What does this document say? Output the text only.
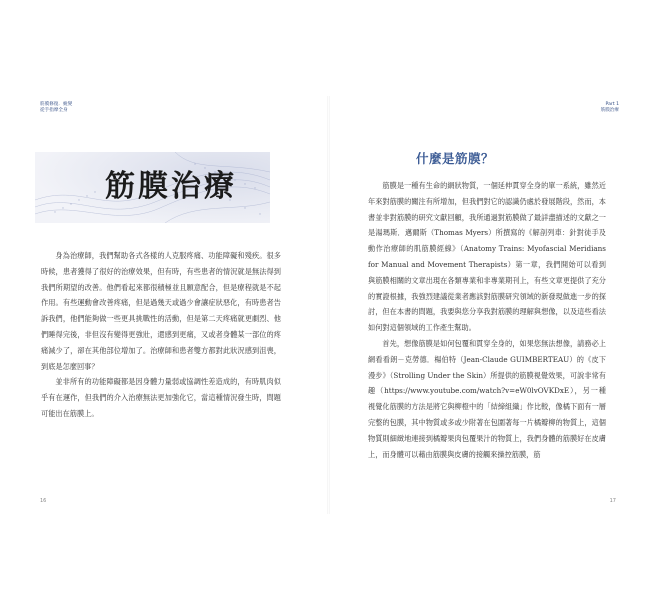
筋膜修復．蛻變
從手指摩全身
筋膜治療

身為治療師，我們幫助各式各樣的人克服疼痛、功能障礙和殘疾。很多時候，患者獲得了很好的治療效果，但有時，有些患者的情況就是無法得到我們所期望的改善。他們看起來都很積極並且願意配合，但是療程就是不起作用。有些運動會改善疼痛，但是過幾天或過少會讓症狀惡化，有時患者告訴我們，他們能夠做一些更具挑戰性的活動，但是第二天疼痛就更劇烈、他們睡得完後，非但沒有變得更強壯，還感到更痛，又或者身體某一部位的疼痛減少了，卻在其他部位增加了。治療師和患者雙方都對此狀況感到沮喪，到底是怎麼回事？

並非所有的功能障礙都是因身體力量弱或協調性差造成的，有時肌肉似乎有在運作，但我們的介入治療無法更加強化它，當這種情況發生時，問題可能出在筋膜上。

16
Part 1
筋膜治療
什麼是筋膜？

筋膜是一種有生命的網狀物質，一個延伸貫穿全身的單一系統，雖然近年來對筋膜的關注有所增加，但我們對它的認識仍處於發展階段，然而，本書並非對筋膜的研究文獻回顧，我所通過對筋膜做了最詳盡描述的文獻之一是湯瑪斯．邁爾斯（Thomas Myers）所撰寫的《解剖列車：針對徒手及動作治療師的肌筋膜經線》（Anatomy Trains: Myofascial Meridians for Manual and Movement Therapists）第一章，我們開始可以看到與筋膜相關的文章出現在各類專業和非專業期刊上，有些文章更提供了充分的實證根據，我強烈建議從業者應該對筋膜研究領域的新發現做進一步的探討，但在本書的問題，我要與您分享我對筋膜的理解與想像，以及這些看法如何對這個領域的工作產生幫助。

首先，想像筋膜是如何包覆和貫穿全身的，如果您無法想像，請務必上網看看朗－克勞德．楊伯特（Jean-Claude GUIMBERTEAU）的《皮下漫步》（Strolling Under the Skin）所提供的筋膜視覺效果，可說非常有趣（https://www.youtube.com/watch?v=eW0lvOVKDxE），另一種視覺化筋膜的方法是將它與柳橙中的「結締組織」作比較，像橘下面有一層完整的包膜，其中物質或多或少附著在包圍著每一片橘瓣柳的物質上，這個物質則細緻地連接到橘瓣果肉包覆果汁的物質上，我們身體的筋膜好在皮膚上，而身體可以藉由筋膜與皮膚的接觸來操控筋膜，筋

17
